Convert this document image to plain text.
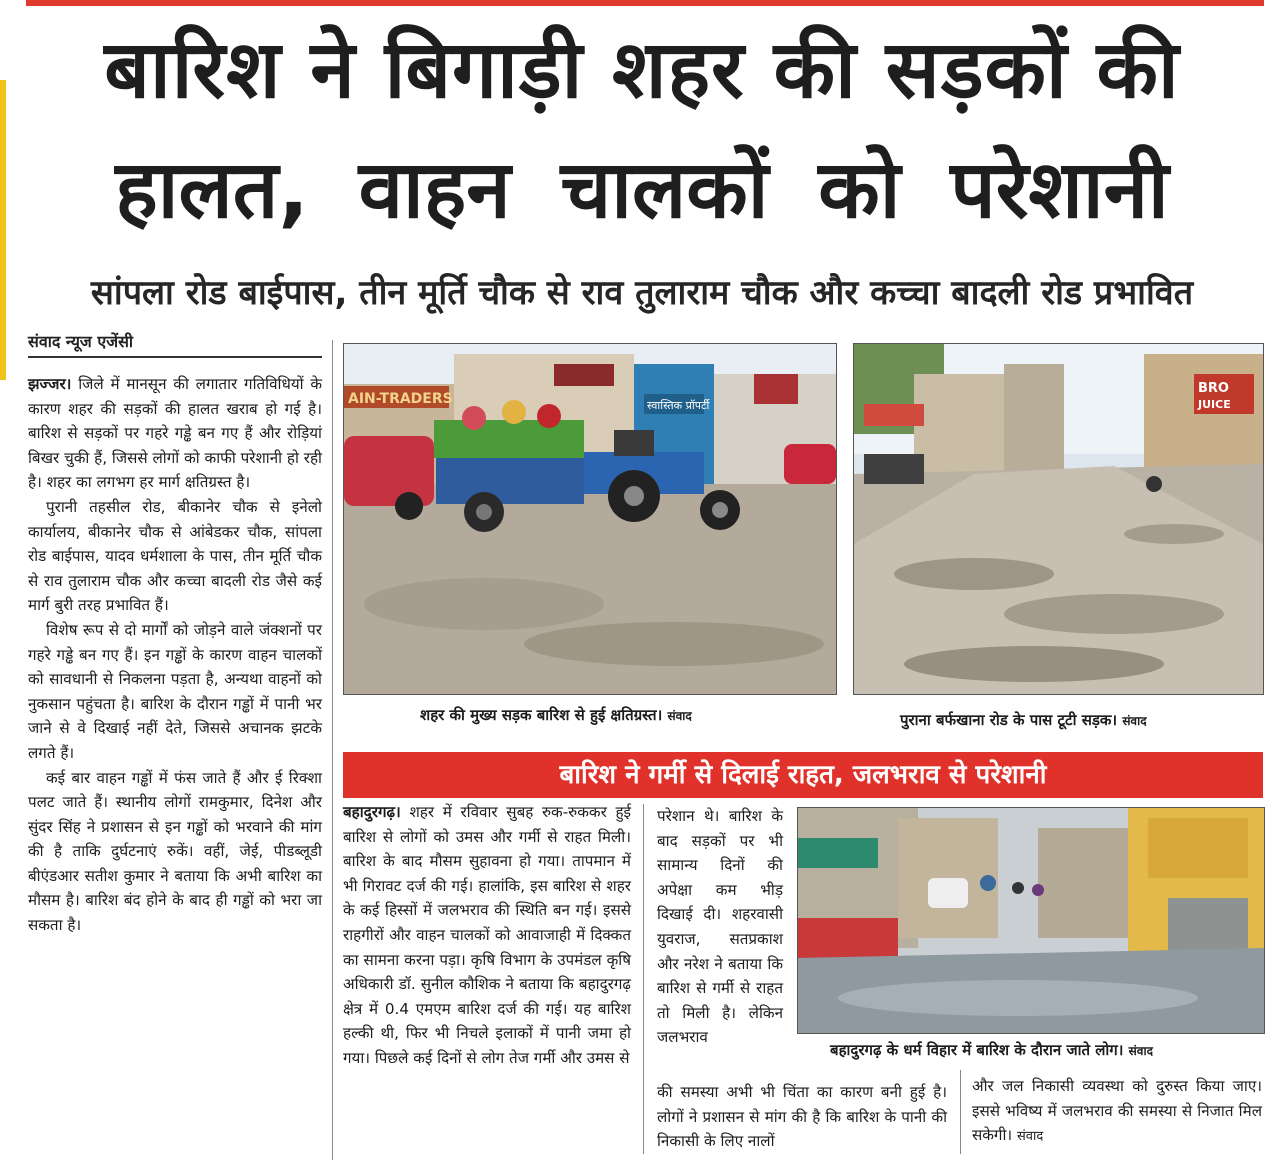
बारिश ने बिगाड़ी शहर की सड़कों की
हालत, वाहन चालकों को परेशानी
सांपला रोड बाईपास, तीन मूर्ति चौक से राव तुलाराम चौक और कच्चा बादली रोड प्रभावित
संवाद न्यूज एजेंसी

झज्जर। जिले में मानसून की लगातार गतिविधियों के कारण शहर की सड़कों की हालत खराब हो गई है। बारिश से सड़कों पर गहरे गड्ढे बन गए हैं और रोड़ियां बिखर चुकी हैं, जिससे लोगों को काफी परेशानी हो रही है। शहर का लगभग हर मार्ग क्षतिग्रस्त है।

पुरानी तहसील रोड, बीकानेर चौक से इनेलो कार्यालय, बीकानेर चौक से आंबेडकर चौक, सांपला रोड बाईपास, यादव धर्मशाला के पास, तीन मूर्ति चौक से राव तुलाराम चौक और कच्चा बादली रोड जैसे कई मार्ग बुरी तरह प्रभावित हैं।

विशेष रूप से दो मार्गों को जोड़ने वाले जंक्शनों पर गहरे गड्ढे बन गए हैं। इन गड्ढों के कारण वाहन चालकों को सावधानी से निकलना पड़ता है, अन्यथा वाहनों को नुकसान पहुंचता है। बारिश के दौरान गड्ढों में पानी भर जाने से वे दिखाई नहीं देते, जिससे अचानक झटके लगते हैं।

कई बार वाहन गड्ढों में फंस जाते हैं और ई रिक्शा पलट जाते हैं। स्थानीय लोगों रामकुमार, दिनेश और सुंदर सिंह ने प्रशासन से इन गड्ढों को भरवाने की मांग की है ताकि दुर्घटनाएं रुकें। वहीं, जेई, पीडब्लूडी बीएंडआर सतीश कुमार ने बताया कि अभी बारिश का मौसम है। बारिश बंद होने के बाद ही गड्ढों को भरा जा सकता है।

AIN-TRADERS	स्वास्तिक प्रॉपर्टी
शहर की मुख्य सड़क बारिश से हुई क्षतिग्रस्त। संवाद
BRO
JUICE
पुराना बर्फखाना रोड के पास टूटी सड़क। संवाद
बारिश ने गर्मी से दिलाई राहत, जलभराव से परेशानी
बहादुरगढ़। शहर में रविवार सुबह रुक-रुककर हुई बारिश से लोगों को उमस और गर्मी से राहत मिली। बारिश के बाद मौसम सुहावना हो गया। तापमान में भी गिरावट दर्ज की गई। हालांकि, इस बारिश से शहर के कई हिस्सों में जलभराव की स्थिति बन गई। इससे राहगीरों और वाहन चालकों को आवाजाही में दिक्कत का सामना करना पड़ा। कृषि विभाग के उपमंडल कृषि अधिकारी डॉ. सुनील कौशिक ने बताया कि बहादुरगढ़ क्षेत्र में 0.4 एमएम बारिश दर्ज की गई। यह बारिश हल्की थी, फिर भी निचले इलाकों में पानी जमा हो गया। पिछले कई दिनों से लोग तेज गर्मी और उमस से
परेशान थे। बारिश के बाद सड़कों पर भी सामान्य दिनों की अपेक्षा कम भीड़ दिखाई दी। शहरवासी युवराज, सतप्रकाश और नरेश ने बताया कि बारिश से गर्मी से राहत तो मिली है। लेकिन जलभराव
बहादुरगढ़ के धर्म विहार में बारिश के दौरान जाते लोग। संवाद
की समस्या अभी भी चिंता का कारण बनी हुई है। लोगों ने प्रशासन से मांग की है कि बारिश के पानी की निकासी के लिए नालों
और जल निकासी व्यवस्था को दुरुस्त किया जाए। इससे भविष्य में जलभराव की समस्या से निजात मिल सकेगी। संवाद
